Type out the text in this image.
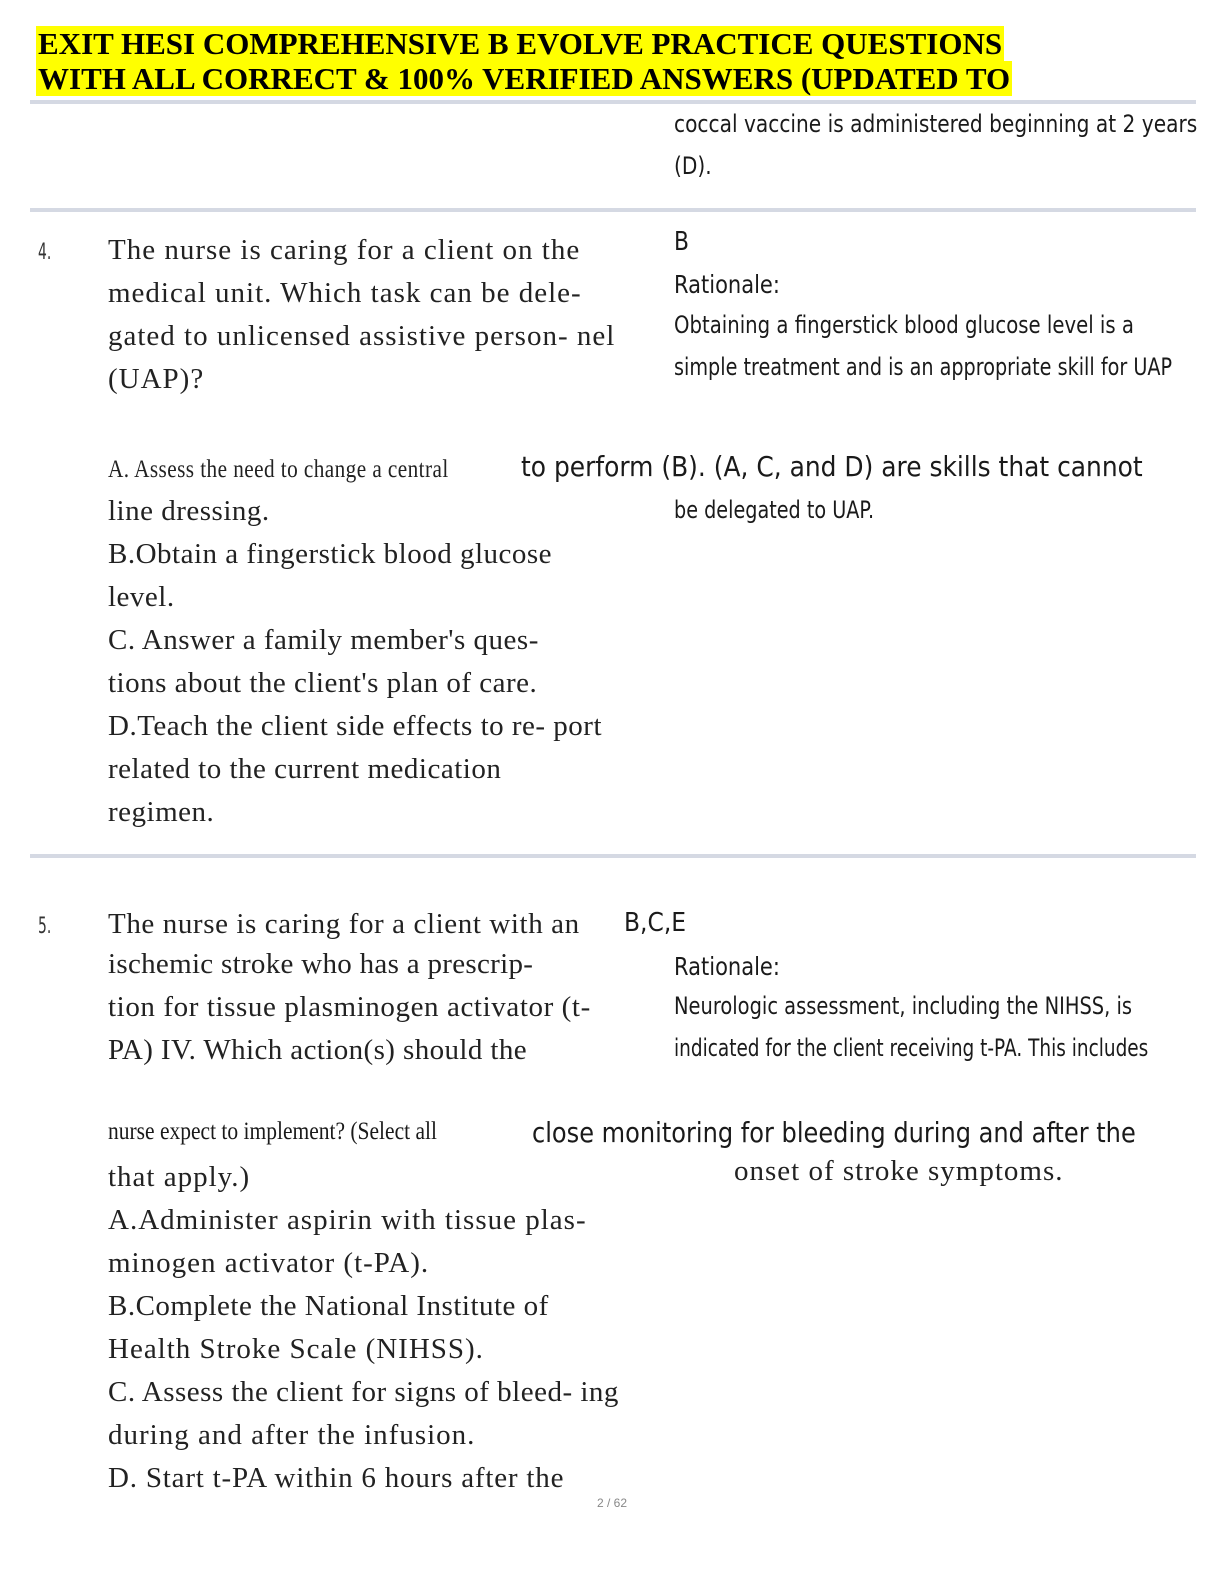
EXIT HESI COMPREHENSIVE B EVOLVE PRACTICE QUESTIONS
WITH ALL CORRECT & 100% VERIFIED ANSWERS (UPDATED TO
coccal vaccine is administered beginning at 2 years
(D).
4. The nurse is caring for a client on the
medical unit. Which task can be dele-
gated to unlicensed assistive person- nel
(UAP)?
B
Rationale:
Obtaining a fingerstick blood glucose level is a
simple treatment and is an appropriate skill for UAP
A. Assess the need to change a central	to perform (B). (A, C, and D) are skills that cannot
line dressing.	be delegated to UAP.
B.Obtain a fingerstick blood glucose
level.
C. Answer a family member's ques-
tions about the client's plan of care.
D.Teach the client side effects to re- port
related to the current medication
regimen.
5. The nurse is caring for a client with an
ischemic stroke who has a prescrip-
tion for tissue plasminogen activator (t-
PA) IV. Which action(s) should the
B,C,E
Rationale:
Neurologic assessment, including the NIHSS, is
indicated for the client receiving t-PA. This includes
nurse expect to implement? (Select all	close monitoring for bleeding during and after the
that apply.)
A.Administer aspirin with tissue plas-
minogen activator (t-PA).
B.Complete the National Institute of
Health Stroke Scale (NIHSS).
C. Assess the client for signs of bleed- ing
during and after the infusion.
D. Start t-PA within 6 hours after the
onset of stroke symptoms.
2 / 62
